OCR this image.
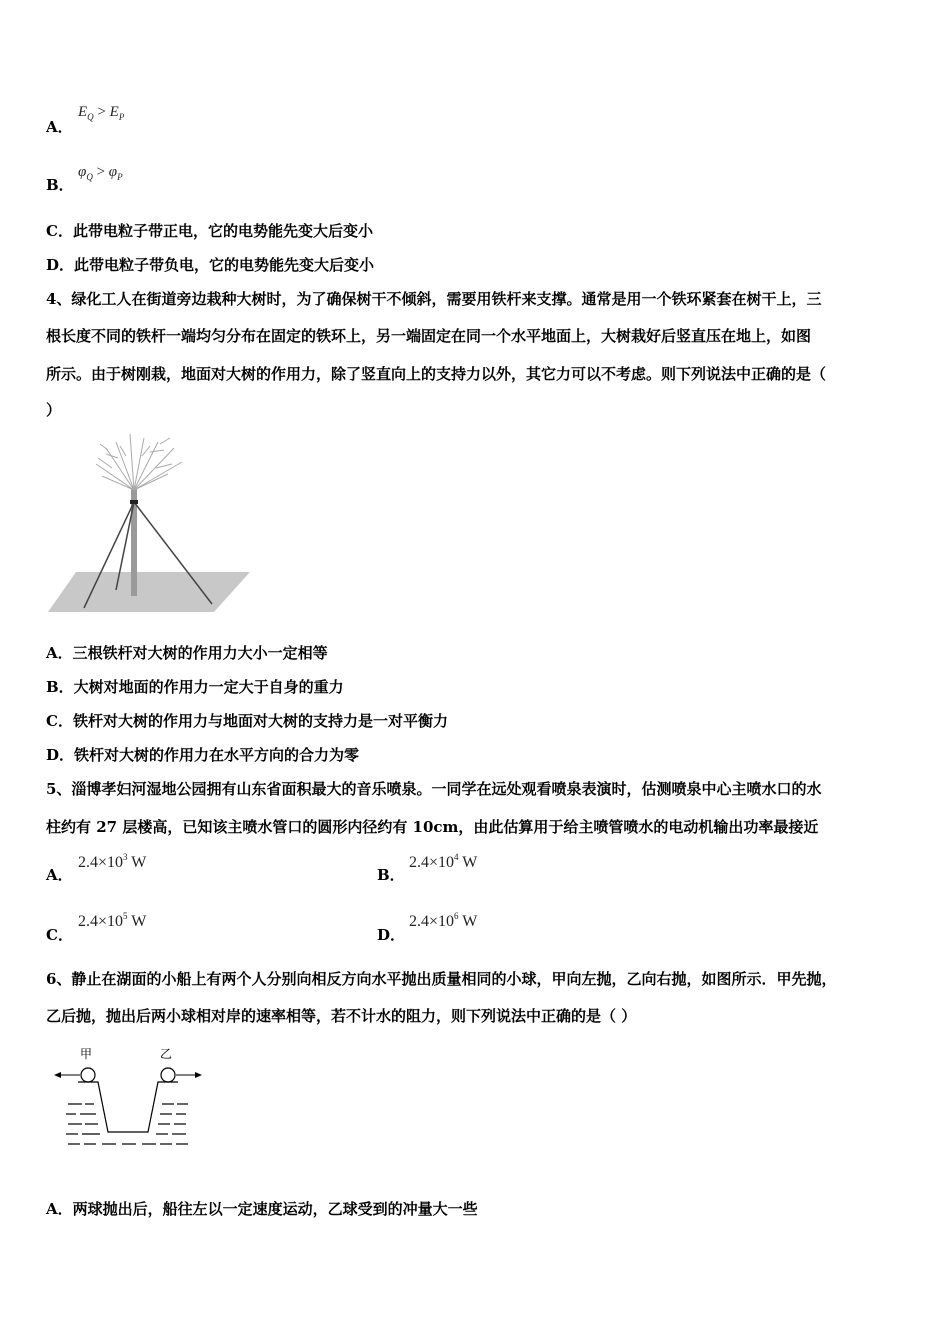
A．
$E_Q > E_P$
B．
$\varphi_Q > \varphi_P$
C．此带电粒子带正电，它的电势能先变大后变小
D．此带电粒子带负电，它的电势能先变大后变小
4、绿化工人在街道旁边栽种大树时，为了确保树干不倾斜，需要用铁杆来支撑。通常是用一个铁环紧套在树干上，三
根长度不同的铁杆一端均匀分布在固定的铁环上，另一端固定在同一个水平地面上，大树栽好后竖直压在地上，如图
所示。由于树刚栽，地面对大树的作用力，除了竖直向上的支持力以外，其它力可以不考虑。则下列说法中正确的是（
）
A．三根铁杆对大树的作用力大小一定相等
B．大树对地面的作用力一定大于自身的重力
C．铁杆对大树的作用力与地面对大树的支持力是一对平衡力
D．铁杆对大树的作用力在水平方向的合力为零
5、淄博孝妇河湿地公园拥有山东省面积最大的音乐喷泉。一同学在远处观看喷泉表演时，估测喷泉中心主喷水口的水
柱约有 27 层楼高，已知该主喷水管口的圆形内径约有 10cm，由此估算用于给主喷管喷水的电动机输出功率最接近
A．
$2.4\times 10^3$ W
B．
$2.4\times 10^4$ W
C．
$2.4\times 10^5$ W
D．
$2.4\times 10^6$ W
6、静止在湖面的小船上有两个人分别向相反方向水平抛出质量相同的小球，甲向左抛，乙向右抛，如图所示．甲先抛，
乙后抛，抛出后两小球相对岸的速率相等，若不计水的阻力，则下列说法中正确的是（ ）
甲	乙
A．两球抛出后，船往左以一定速度运动，乙球受到的冲量大一些
